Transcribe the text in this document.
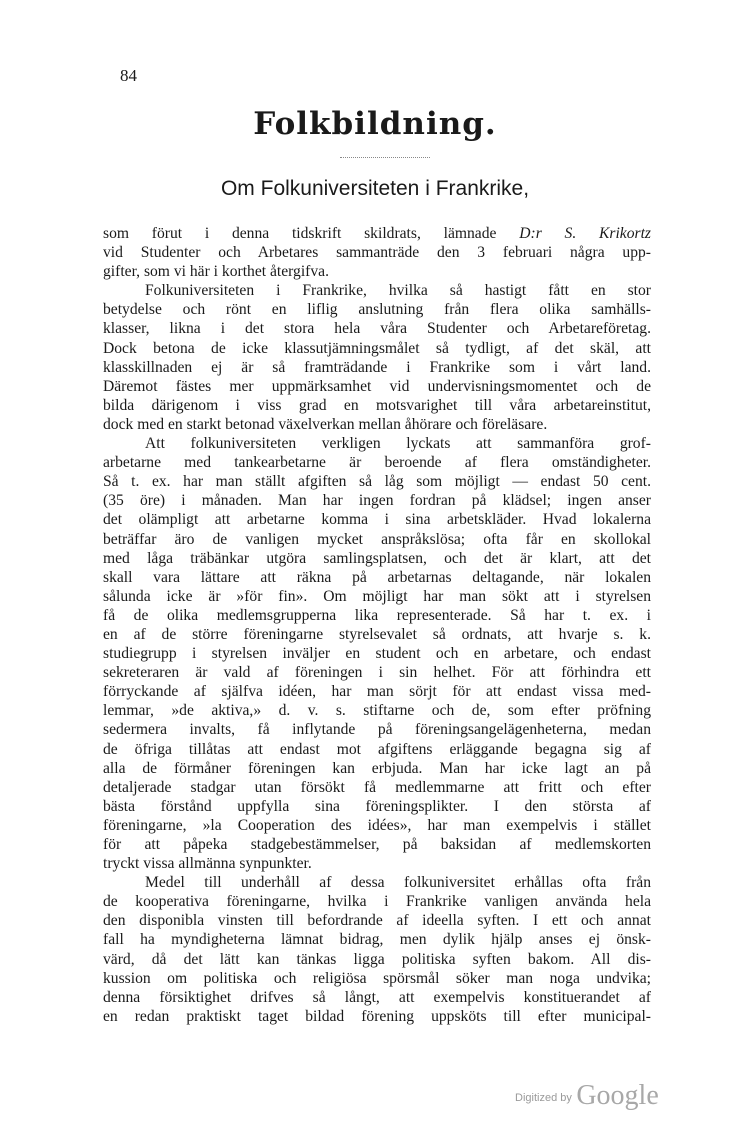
84
Folkbildning.
Om Folkuniversiteten i Frankrike,
som förut i denna tidskrift skildrats, lämnade D:r S. Krikortz
vid Studenter och Arbetares sammanträde den 3 februari några upp-
gifter, som vi här i korthet återgifva.
Folkuniversiteten i Frankrike, hvilka så hastigt fått en stor
betydelse och rönt en liflig anslutning från flera olika samhälls-
klasser, likna i det stora hela våra Studenter och Arbetareföretag.
Dock betona de icke klassutjämningsmålet så tydligt, af det skäl, att
klasskillnaden ej är så framträdande i Frankrike som i vårt land.
Däremot fästes mer uppmärksamhet vid undervisningsmomentet och de
bilda därigenom i viss grad en motsvarighet till våra arbetareinstitut,
dock med en starkt betonad växelverkan mellan åhörare och föreläsare.
Att folkuniversiteten verkligen lyckats att sammanföra grof-
arbetarne med tankearbetarne är beroende af flera omständigheter.
Så t. ex. har man ställt afgiften så låg som möjligt — endast 50 cent.
(35 öre) i månaden. Man har ingen fordran på klädsel; ingen anser
det olämpligt att arbetarne komma i sina arbetskläder. Hvad lokalerna
beträffar äro de vanligen mycket anspråkslösa; ofta får en skollokal
med låga träbänkar utgöra samlingsplatsen, och det är klart, att det
skall vara lättare att räkna på arbetarnas deltagande, när lokalen
sålunda icke är »för fin». Om möjligt har man sökt att i styrelsen
få de olika medlemsgrupperna lika representerade. Så har t. ex. i
en af de större föreningarne styrelsevalet så ordnats, att hvarje s. k.
studiegrupp i styrelsen inväljer en student och en arbetare, och endast
sekreteraren är vald af föreningen i sin helhet. För att förhindra ett
förryckande af själfva idéen, har man sörjt för att endast vissa med-
lemmar, »de aktiva,» d. v. s. stiftarne och de, som efter pröfning
sedermera invalts, få inflytande på föreningsangelägenheterna, medan
de öfriga tillåtas att endast mot afgiftens erläggande begagna sig af
alla de förmåner föreningen kan erbjuda. Man har icke lagt an på
detaljerade stadgar utan försökt få medlemmarne att fritt och efter
bästa förstånd uppfylla sina föreningsplikter. I den största af
föreningarne, »la Cooperation des idées», har man exempelvis i stället
för att påpeka stadgebestämmelser, på baksidan af medlemskorten
tryckt vissa allmänna synpunkter.
Medel till underhåll af dessa folkuniversitet erhållas ofta från
de kooperativa föreningarne, hvilka i Frankrike vanligen använda hela
den disponibla vinsten till befordrande af ideella syften. I ett och annat
fall ha myndigheterna lämnat bidrag, men dylik hjälp anses ej önsk-
värd, då det lätt kan tänkas ligga politiska syften bakom. All dis-
kussion om politiska och religiösa spörsmål söker man noga undvika;
denna försiktighet drifves så långt, att exempelvis konstituerandet af
en redan praktiskt taget bildad förening uppsköts till efter municipal-
Digitized by Google
